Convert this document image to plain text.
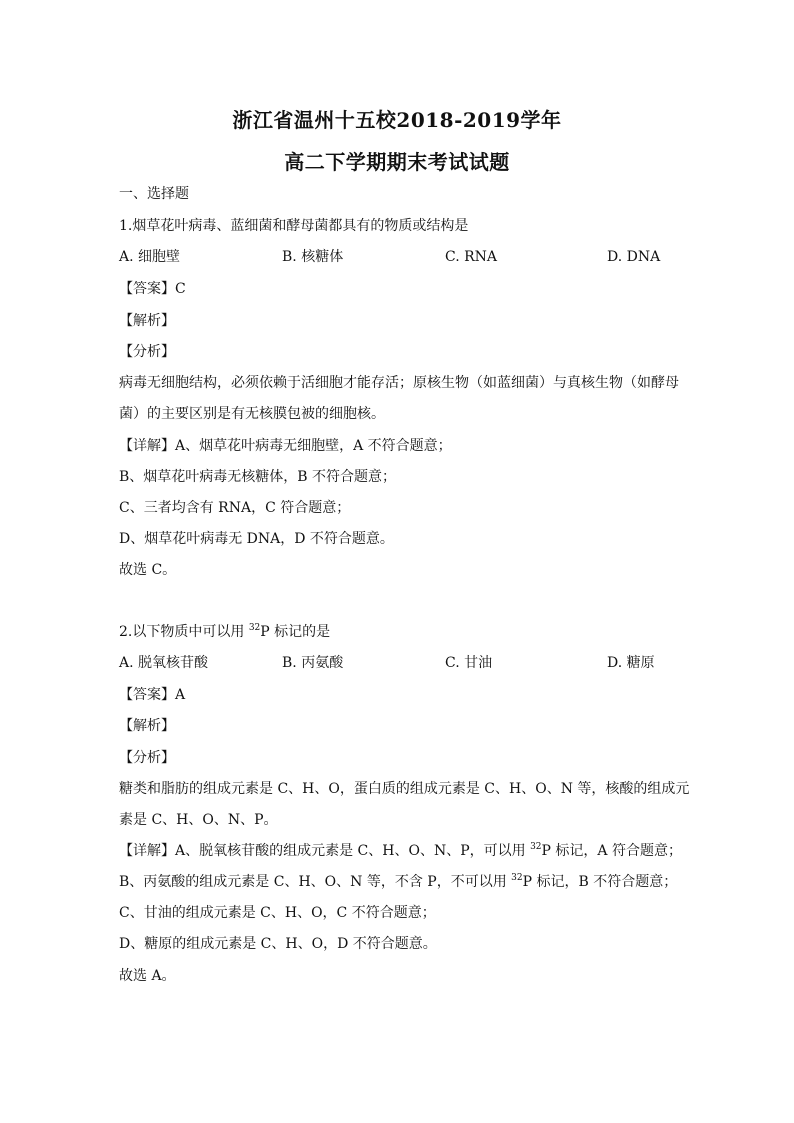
浙江省温州十五校2018-2019学年
高二下学期期末考试试题
一、选择题
1.烟草花叶病毒、蓝细菌和酵母菌都具有的物质或结构是
A. 细胞壁	B. 核糖体	C. RNA	D. DNA
【答案】C
【解析】
【分析】
病毒无细胞结构，必须依赖于活细胞才能存活；原核生物（如蓝细菌）与真核生物（如酵母
菌）的主要区别是有无核膜包被的细胞核。
【详解】A、烟草花叶病毒无细胞壁，A 不符合题意；
B、烟草花叶病毒无核糖体，B 不符合题意；
C、三者均含有 RNA，C 符合题意；
D、烟草花叶病毒无 DNA，D 不符合题意。
故选 C。
2.以下物质中可以用 $^{32}$P 标记的是
A. 脱氧核苷酸	B. 丙氨酸	C. 甘油	D. 糖原
【答案】A
【解析】
【分析】
糖类和脂肪的组成元素是 C、H、O，蛋白质的组成元素是 C、H、O、N 等，核酸的组成元
素是 C、H、O、N、P。
【详解】A、脱氧核苷酸的组成元素是 C、H、O、N、P，可以用 $^{32}$P 标记，A 符合题意；
B、丙氨酸的组成元素是 C、H、O、N 等，不含 P，不可以用 $^{32}$P 标记，B 不符合题意；
C、甘油的组成元素是 C、H、O，C 不符合题意；
D、糖原的组成元素是 C、H、O，D 不符合题意。
故选 A。
